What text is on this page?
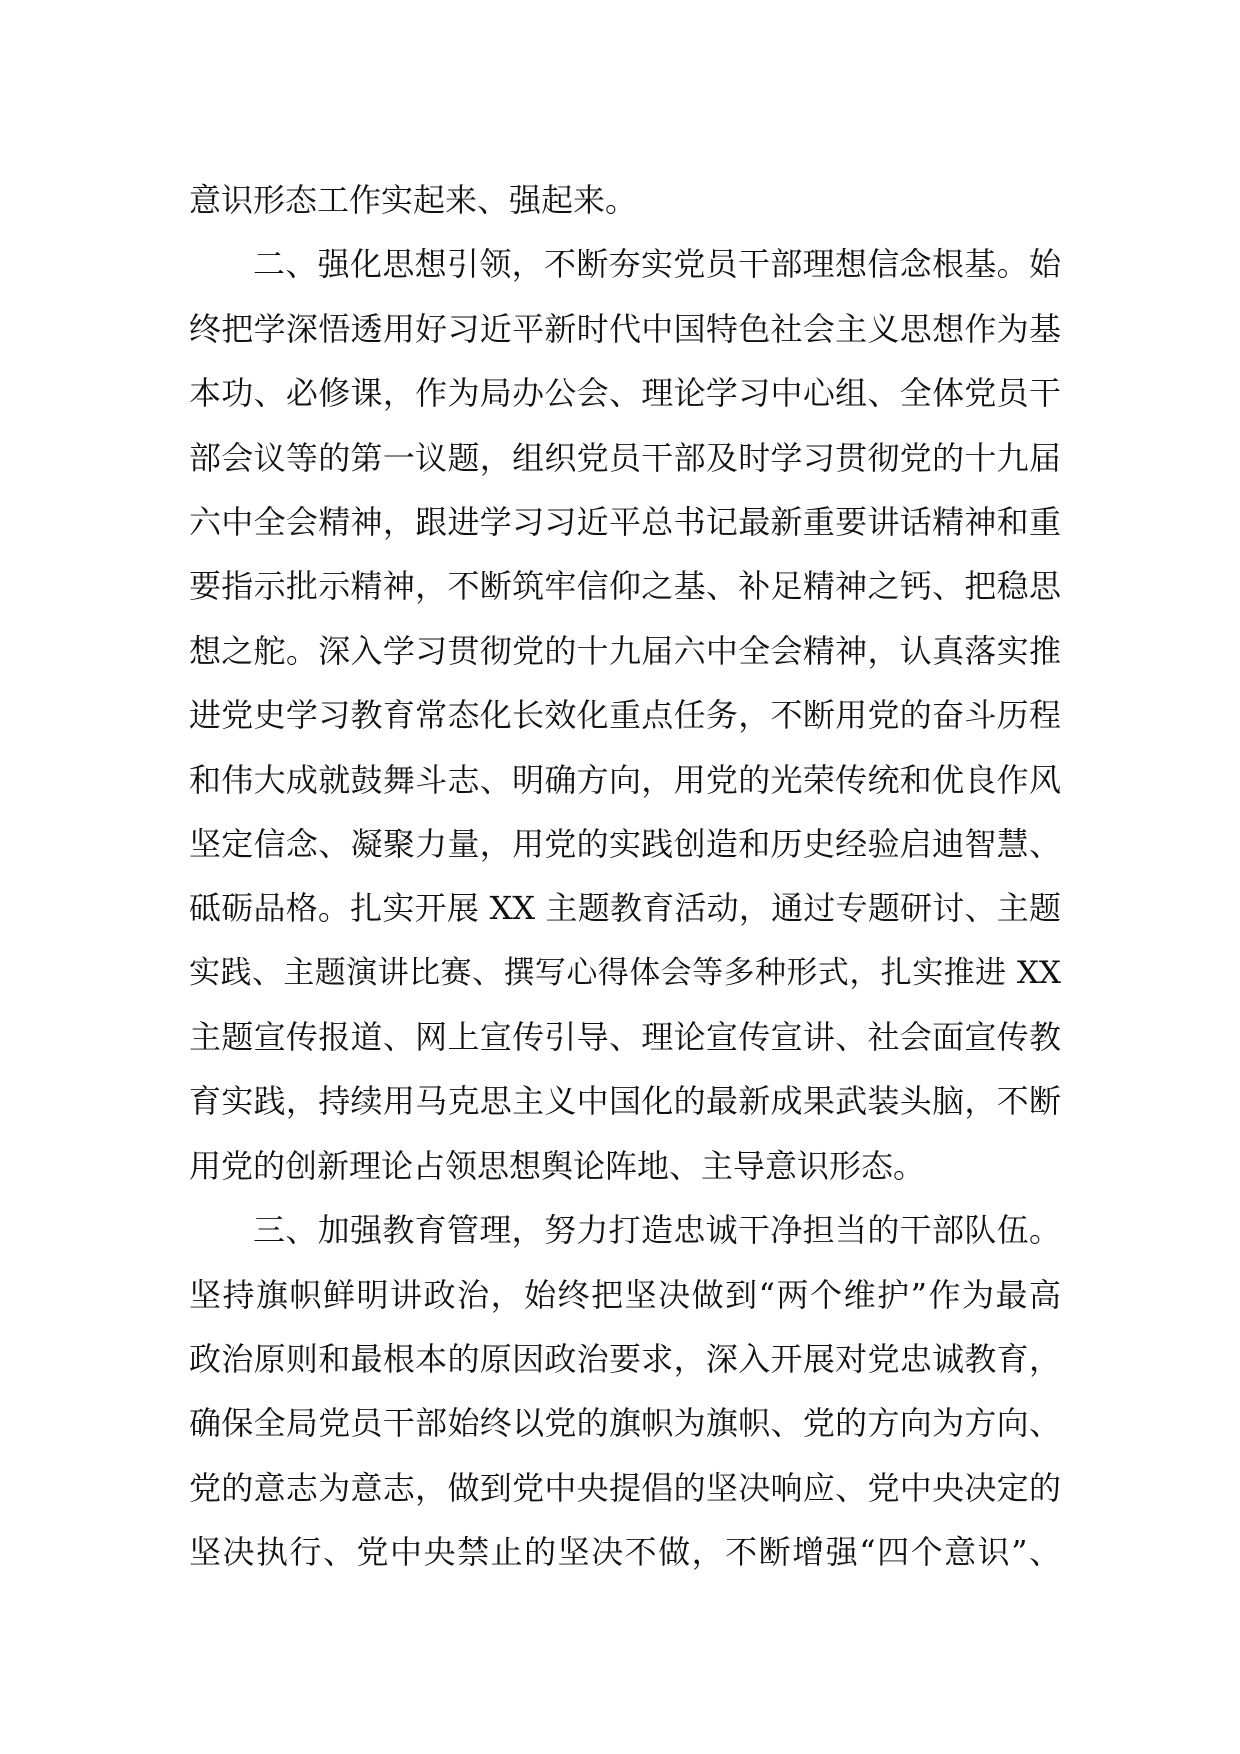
意识形态工作实起来、强起来。
二、强化思想引领，不断夯实党员干部理想信念根基。始
终把学深悟透用好习近平新时代中国特色社会主义思想作为基
本功、必修课，作为局办公会、理论学习中心组、全体党员干
部会议等的第一议题，组织党员干部及时学习贯彻党的十九届
六中全会精神，跟进学习习近平总书记最新重要讲话精神和重
要指示批示精神，不断筑牢信仰之基、补足精神之钙、把稳思
想之舵。深入学习贯彻党的十九届六中全会精神，认真落实推
进党史学习教育常态化长效化重点任务，不断用党的奋斗历程
和伟大成就鼓舞斗志、明确方向，用党的光荣传统和优良作风
坚定信念、凝聚力量，用党的实践创造和历史经验启迪智慧、
砥砺品格。扎实开展 XX 主题教育活动，通过专题研讨、主题
实践、主题演讲比赛、撰写心得体会等多种形式，扎实推进 XX
主题宣传报道、网上宣传引导、理论宣传宣讲、社会面宣传教
育实践，持续用马克思主义中国化的最新成果武装头脑，不断
用党的创新理论占领思想舆论阵地、主导意识形态。
三、加强教育管理，努力打造忠诚干净担当的干部队伍。
坚持旗帜鲜明讲政治，始终把坚决做到“两个维护”作为最高
政治原则和最根本的原因政治要求，深入开展对党忠诚教育，
确保全局党员干部始终以党的旗帜为旗帜、党的方向为方向、
党的意志为意志，做到党中央提倡的坚决响应、党中央决定的
坚决执行、党中央禁止的坚决不做，不断增强“四个意识”、
